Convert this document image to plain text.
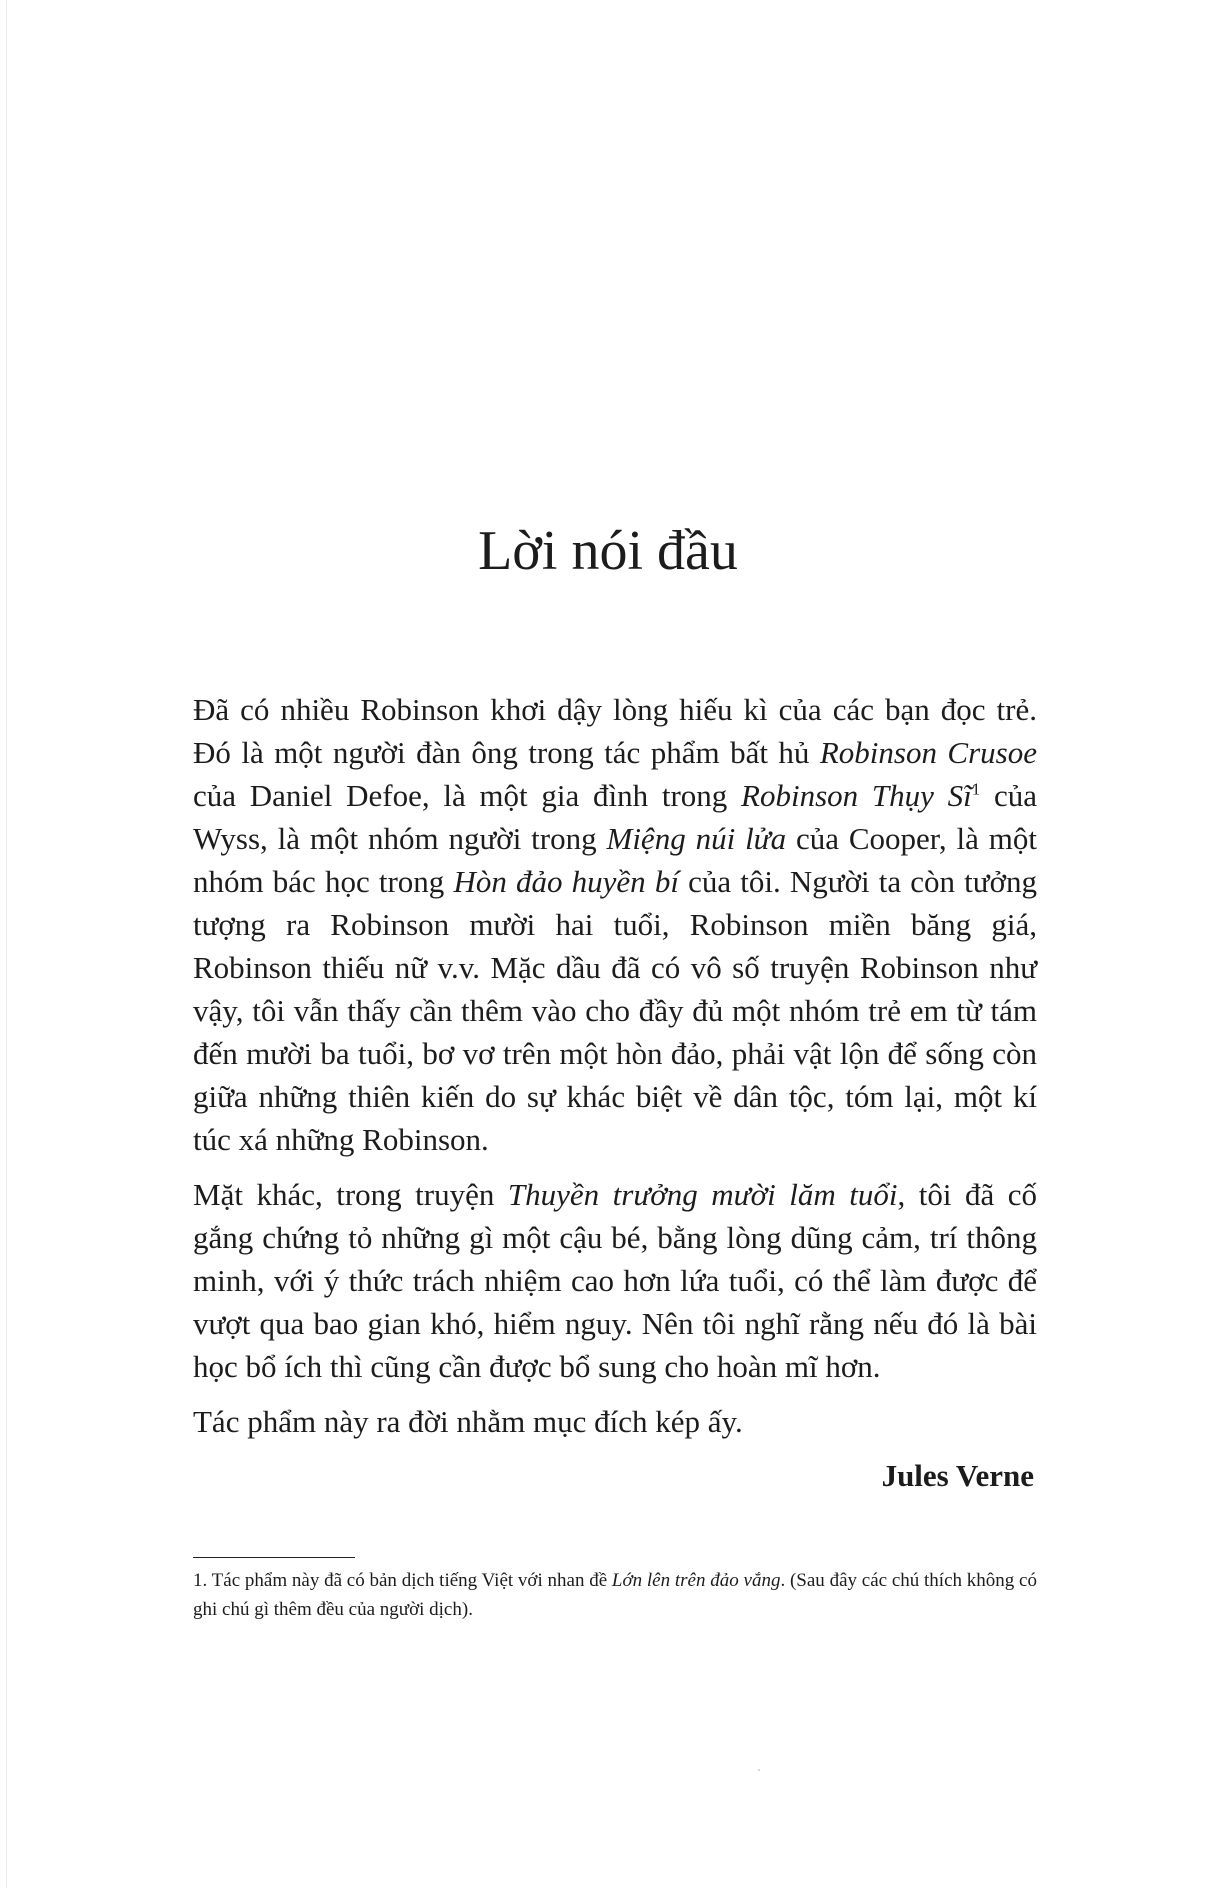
Lời nói đầu

Đã có nhiều Robinson khơi dậy lòng hiếu kì của các bạn đọc trẻ. Đó là một người đàn ông trong tác phẩm bất hủ Robinson Crusoe của Daniel Defoe, là một gia đình trong Robinson Thụy $Sĩ^1$ của Wyss, là một nhóm người trong Miệng núi lửa của Cooper, là một nhóm bác học trong Hòn đảo huyền bí của tôi. Người ta còn tưởng tượng ra Robinson mười hai tuổi, Robinson miền băng giá, Robinson thiếu nữ v.v. Mặc dầu đã có vô số truyện Robinson như vậy, tôi vẫn thấy cần thêm vào cho đầy đủ một nhóm trẻ em từ tám đến mười ba tuổi, bơ vơ trên một hòn đảo, phải vật lộn để sống còn giữa những thiên kiến do sự khác biệt về dân tộc, tóm lại, một kí túc xá những Robinson.

Mặt khác, trong truyện Thuyền trưởng mười lăm tuổi, tôi đã cố gắng chứng tỏ những gì một cậu bé, bằng lòng dũng cảm, trí thông minh, với ý thức trách nhiệm cao hơn lứa tuổi, có thể làm được để vượt qua bao gian khó, hiểm nguy. Nên tôi nghĩ rằng nếu đó là bài học bổ ích thì cũng cần được bổ sung cho hoàn mĩ hơn.

Tác phẩm này ra đời nhằm mục đích kép ấy.

Jules Verne
1. Tác phẩm này đã có bản dịch tiếng Việt với nhan đề Lớn lên trên đảo vắng. (Sau đây các chú thích không có ghi chú gì thêm đều của người dịch).
